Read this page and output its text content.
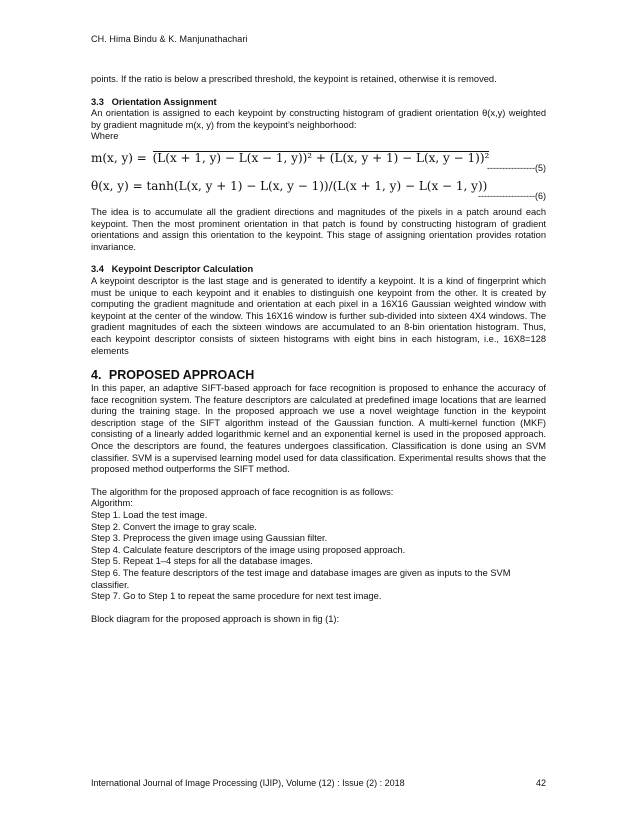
CH. Hima Bindu & K. Manjunathachari

points. If the ratio is below a prescribed threshold, the keypoint is retained, otherwise it is removed.

3.3 Orientation Assignment

An orientation is assigned to each keypoint by constructing histogram of gradient orientation θ(x,y) weighted by gradient magnitude m(x, y) from the keypoint’s neighborhood:

Where

m(x, y) = (L(x + 1, y) − L(x − 1, y))² + (L(x, y + 1) − L(x, y − 1))²
----------------(5)
θ(x, y) = tanh(L(x, y + 1) − L(x, y − 1))/(L(x + 1, y) − L(x − 1, y))
-------------------(6)

The idea is to accumulate all the gradient directions and magnitudes of the pixels in a patch around each keypoint. Then the most prominent orientation in that patch is found by constructing histogram of gradient orientations and assign this orientation to the keypoint. This stage of assigning orientation provides rotation invariance.

3.4 Keypoint Descriptor Calculation

A keypoint descriptor is the last stage and is generated to identify a keypoint. It is a kind of fingerprint which must be unique to each keypoint and it enables to distinguish one keypoint from the other. It is created by computing the gradient magnitude and orientation at each pixel in a 16X16 Gaussian weighted window with keypoint at the center of the window. This 16X16 window is further sub-divided into sixteen 4X4 windows. The gradient magnitudes of each the sixteen windows are accumulated to an 8-bin orientation histogram. Thus, each keypoint descriptor consists of sixteen histograms with eight bins in each histogram, i.e., 16X8=128 elements

4. PROPOSED APPROACH

In this paper, an adaptive SIFT-based approach for face recognition is proposed to enhance the accuracy of face recognition system. The feature descriptors are calculated at predefined image locations that are learned during the training stage. In the proposed approach we use a novel weightage function in the keypoint description stage of the SIFT algorithm instead of the Gaussian function. A multi-kernel function (MKF) consisting of a linearly added logarithmic kernel and an exponential kernel is used in the proposed approach. Once the descriptors are found, the features undergoes classification. Classification is done using an SVM classifier. SVM is a supervised learning model used for data classification. Experimental results shows that the proposed method outperforms the SIFT method.

The algorithm for the proposed approach of face recognition is as follows:

Algorithm:

Step 1. Load the test image.

Step 2. Convert the image to gray scale.

Step 3. Preprocess the given image using Gaussian filter.

Step 4. Calculate feature descriptors of the image using proposed approach.

Step 5. Repeat 1–4 steps for all the database images.

Step 6. The feature descriptors of the test image and database images are given as inputs to the SVM classifier.

Step 7. Go to Step 1 to repeat the same procedure for next test image.

Block diagram for the proposed approach is shown in fig (1):

International Journal of Image Processing (IJIP), Volume (12) : Issue (2) : 2018	42
